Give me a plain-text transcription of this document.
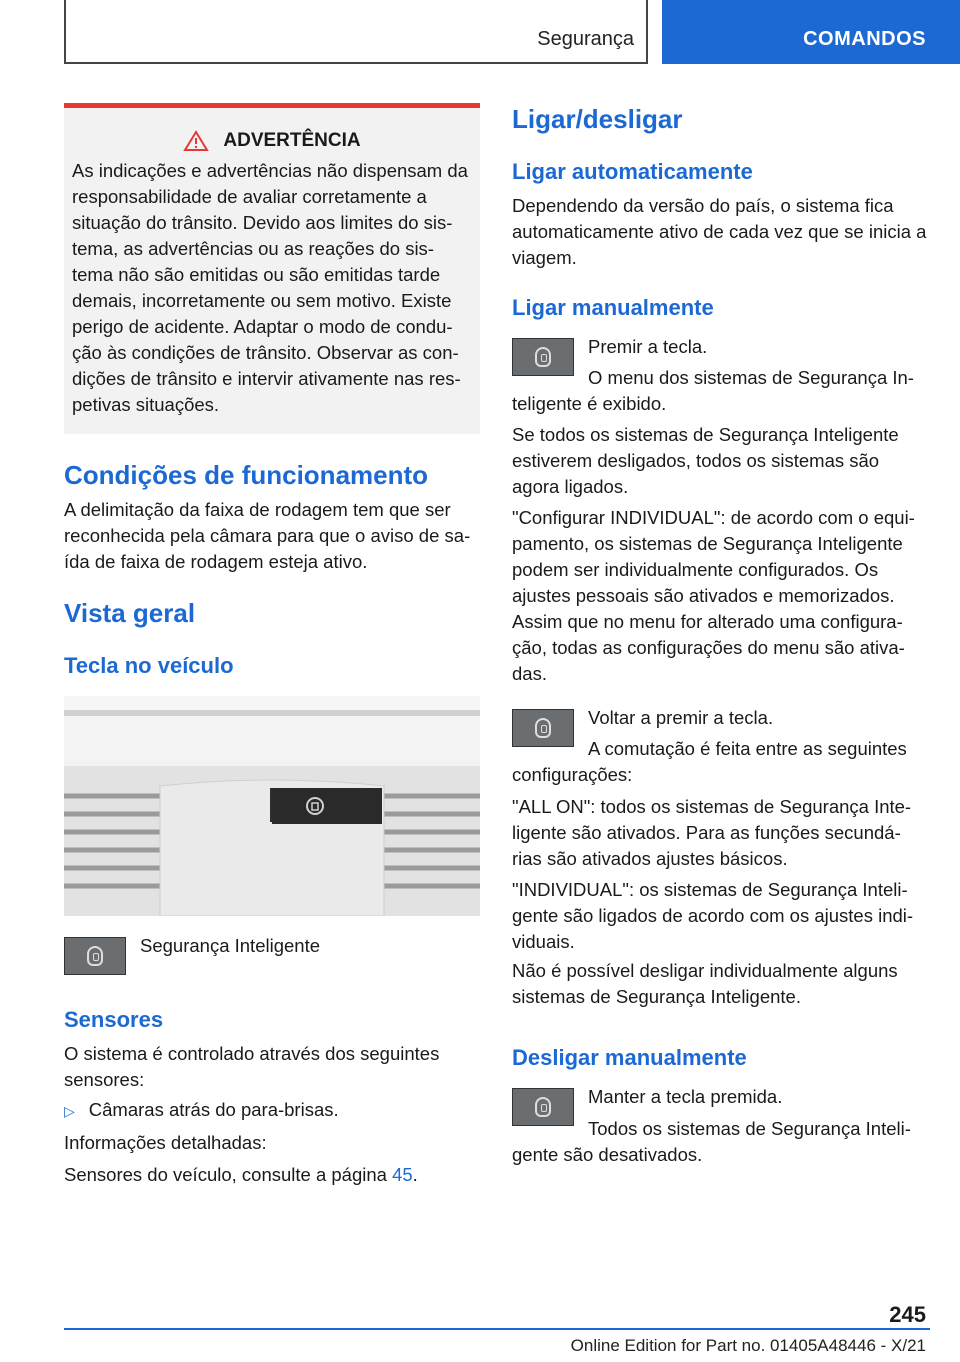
Segurança	COMANDOS
ADVERTÊNCIA

As indicações e advertências não dispensam da responsabilidade de avaliar corretamente a situação do trânsito. Devido aos limites do sis-tema, as advertências ou as reações do sis-tema não são emitidas ou são emitidas tarde demais, incorretamente ou sem motivo. Existe perigo de acidente. Adaptar o modo de condu-ção às condições de trânsito. Observar as con-dições de trânsito e intervir ativamente nas res-petivas situações.

Condições de funcionamento

A delimitação da faixa de rodagem tem que ser reconhecida pela câmara para que o aviso de sa-ída de faixa de rodagem esteja ativo.

Vista geral
Tecla no veículo

Segurança Inteligente

Sensores

O sistema é controlado através dos seguintes sensores:

▷ Câmaras atrás do para-brisas.

Informações detalhadas:

Sensores do veículo, consulte a página 45.

Ligar/desligar
Ligar automaticamente

Dependendo da versão do país, o sistema fica automaticamente ativo de cada vez que se inicia a viagem.

Ligar manualmente

Premir a tecla.

O menu dos sistemas de Segurança In-teligente é exibido.

Se todos os sistemas de Segurança Inteligente estiverem desligados, todos os sistemas são agora ligados.

"Configurar INDIVIDUAL": de acordo com o equi-pamento, os sistemas de Segurança Inteligente podem ser individualmente configurados. Os ajustes pessoais são ativados e memorizados. Assim que no menu for alterado uma configura-ção, todas as configurações do menu são ativa-das.

Voltar a premir a tecla.

A comutação é feita entre as seguintes configurações:

"ALL ON": todos os sistemas de Segurança Inte-ligente são ativados. Para as funções secundá-rias são ativados ajustes básicos.

"INDIVIDUAL": os sistemas de Segurança Inteli-gente são ligados de acordo com os ajustes indi-viduais.

Não é possível desligar individualmente alguns sistemas de Segurança Inteligente.

Desligar manualmente

Manter a tecla premida.

Todos os sistemas de Segurança Inteli-gente são desativados.

245
Online Edition for Part no. 01405A48446 - X/21
